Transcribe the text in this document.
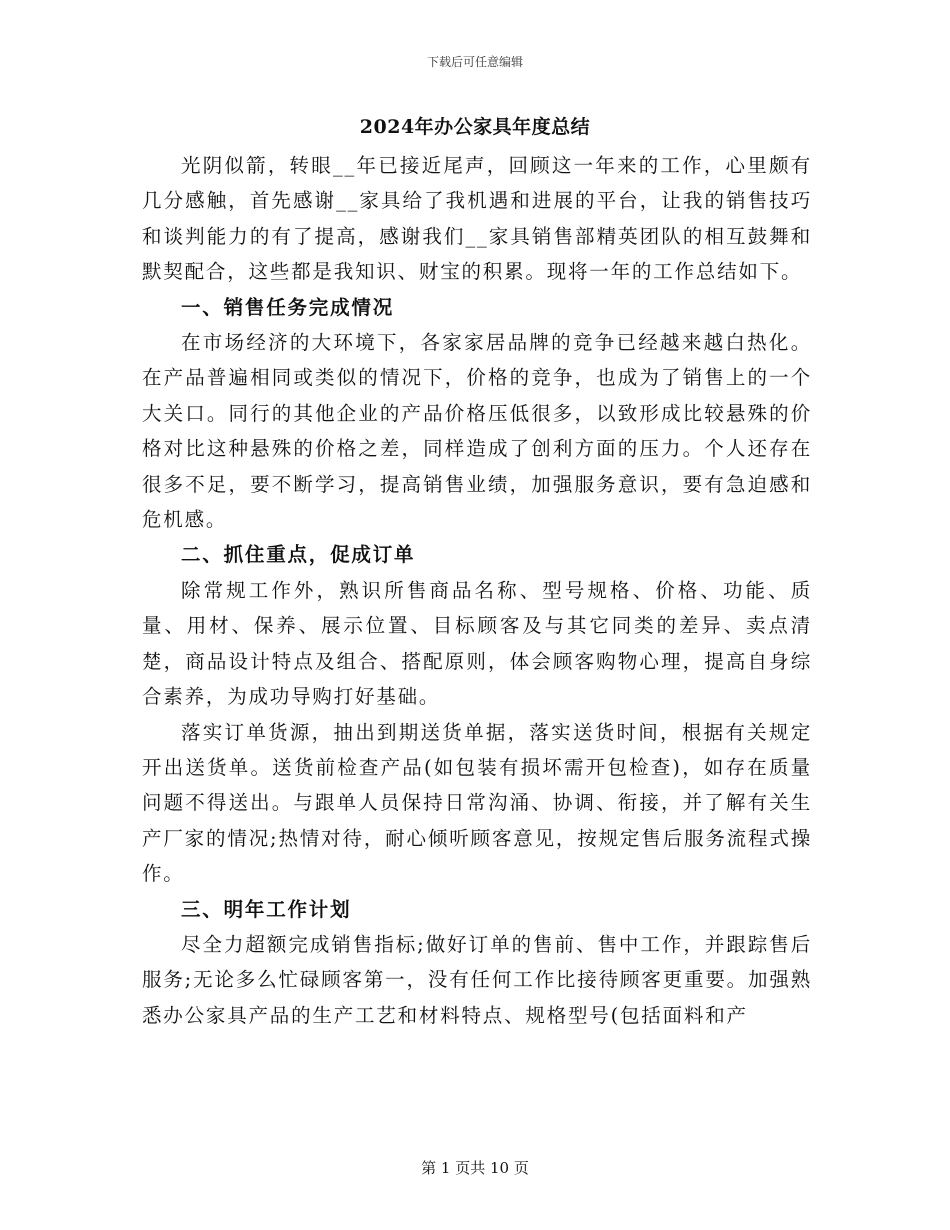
下载后可任意编辑
2024年办公家具年度总结

光阴似箭，转眼__年已接近尾声，回顾这一年来的工作，心里颇有几分感触，首先感谢__家具给了我机遇和进展的平台，让我的销售技巧和谈判能力的有了提高，感谢我们__家具销售部精英团队的相互鼓舞和默契配合，这些都是我知识、财宝的积累。现将一年的工作总结如下。

一、销售任务完成情况

在市场经济的大环境下，各家家居品牌的竞争已经越来越白热化。在产品普遍相同或类似的情况下，价格的竞争，也成为了销售上的一个大关口。同行的其他企业的产品价格压低很多，以致形成比较悬殊的价格对比这种悬殊的价格之差，同样造成了创利方面的压力。个人还存在很多不足，要不断学习，提高销售业绩，加强服务意识，要有急迫感和危机感。

二、抓住重点，促成订单

除常规工作外，熟识所售商品名称、型号规格、价格、功能、质量、用材、保养、展示位置、目标顾客及与其它同类的差异、卖点清楚，商品设计特点及组合、搭配原则，体会顾客购物心理，提高自身综合素养，为成功导购打好基础。

落实订单货源，抽出到期送货单据，落实送货时间，根据有关规定开出送货单。送货前检查产品(如包装有损坏需开包检查)，如存在质量问题不得送出。与跟单人员保持日常沟涌、协调、衔接，并了解有关生产厂家的情况;热情对待，耐心倾听顾客意见，按规定售后服务流程式操作。

三、明年工作计划

尽全力超额完成销售指标;做好订单的售前、售中工作，并跟踪售后服务;无论多么忙碌顾客第一，没有任何工作比接待顾客更重要。加强熟悉办公家具产品的生产工艺和材料特点、规格型号(包括面料和产

第 1 页共 10 页
